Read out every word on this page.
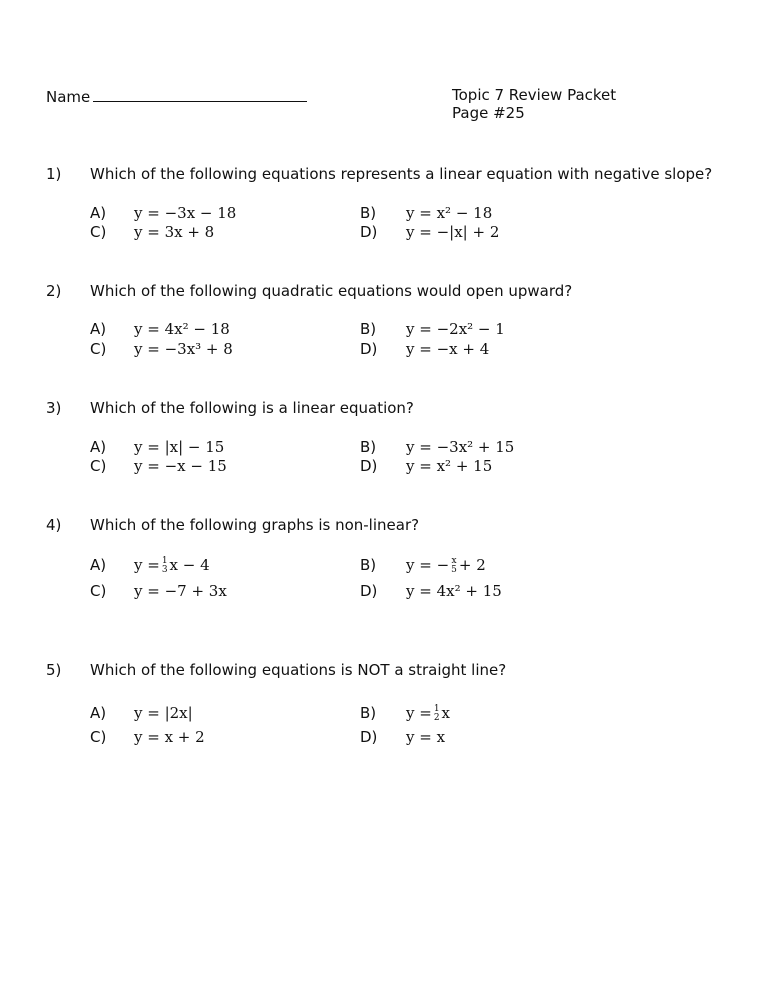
Name	Topic 7 Review Packet
Page #25
1) Which of the following equations represents a linear equation with negative slope?
A) y = −3x − 18	B) y = x² − 18
C) y = 3x + 8	D) y = −|x| + 2
2) Which of the following quadratic equations would open upward?
A) y = 4x² − 18	B) y = −2x² − 1
C) y = −3x³ + 8	D) y = −x + 4
3) Which of the following is a linear equation?
A) y = |x| − 15	B) y = −3x² + 15
C) y = −x − 15	D) y = x² + 15
4) Which of the following graphs is non-linear?
A) y = 1
3 x − 4	B) y = − x
5 + 2
C) y = −7 + 3x	D) y = 4x² + 15
5) Which of the following equations is NOT a straight line?
A) y = |2x|	B) y = 1
2 x
C) y = x + 2	D) y = x
